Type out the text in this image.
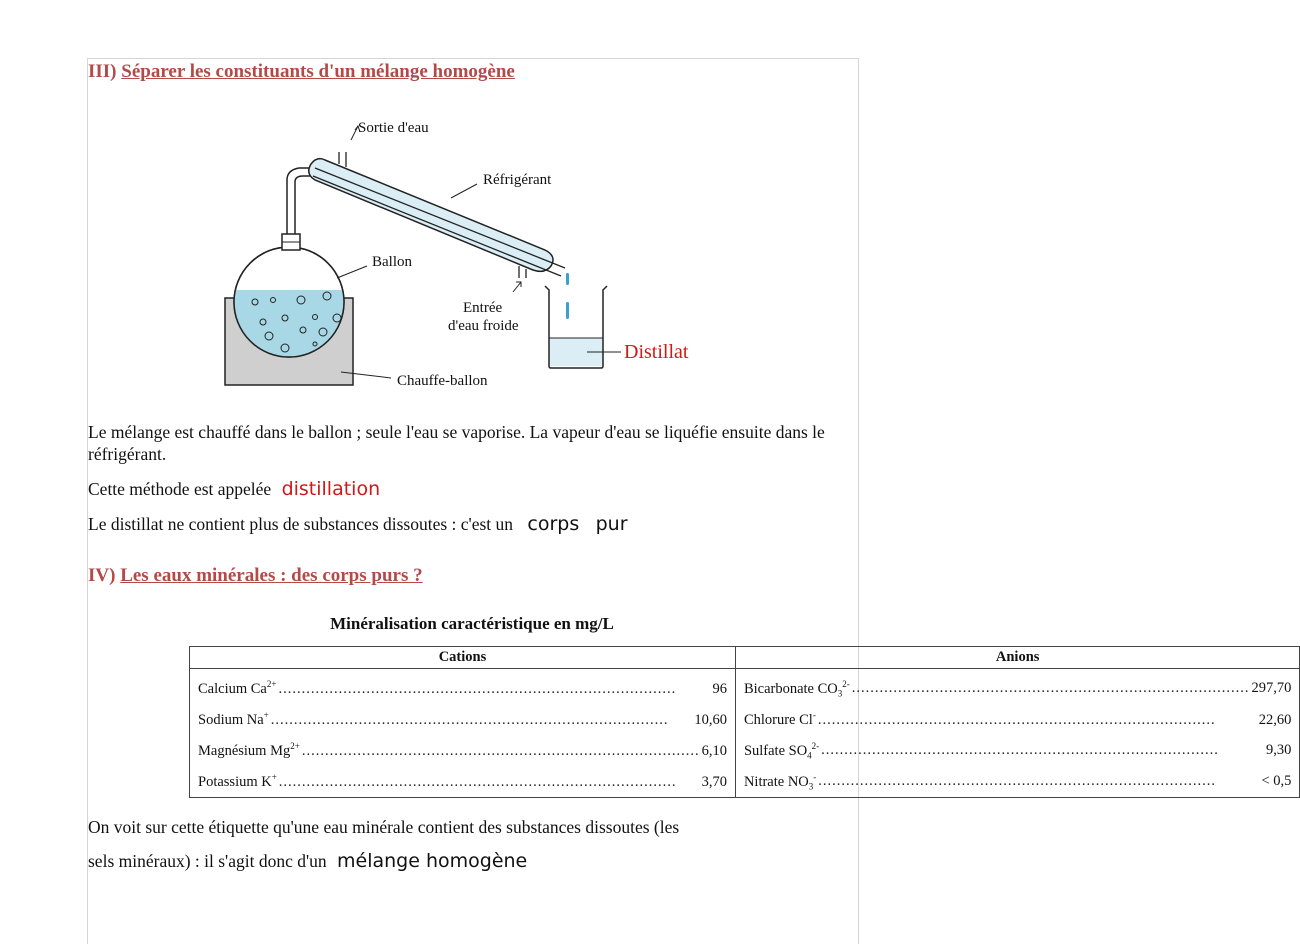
III) Séparer les constituants d'un mélange homogène
Sortie d'eau
Réfrigérant
Ballon
Entrée
d'eau froide
Distillat
Chauffe-ballon
Le mélange est chauffé dans le ballon ; seule l'eau se vaporise. La vapeur d'eau se liquéfie ensuite dans le réfrigérant.
Cette méthode est appelée distillation
Le distillat ne contient plus de substances dissoutes : c'est un corps pur
IV) Les eaux minérales : des corps purs ?
Minéralisation caractéristique en mg/L
Cations	Anions

Calcium $Ca^{2+}$ ..... 96	Bicarbonate $CO_3^{2-}$ ..... 297,70

Sodium Na+ ..... 10,60	Chlorure Cl- ..... 22,60

Magnésium $Mg^{2+}$ ..... 6,10	Sulfate $SO_4^{2-}$ ..... 9,30

Potassium K+ ..... 3,70	Nitrate $NO_3^-$ ..... < 0,5
On voit sur cette étiquette qu'une eau minérale contient des substances dissoutes (les
sels minéraux) : il s'agit donc d'un mélange homogène
